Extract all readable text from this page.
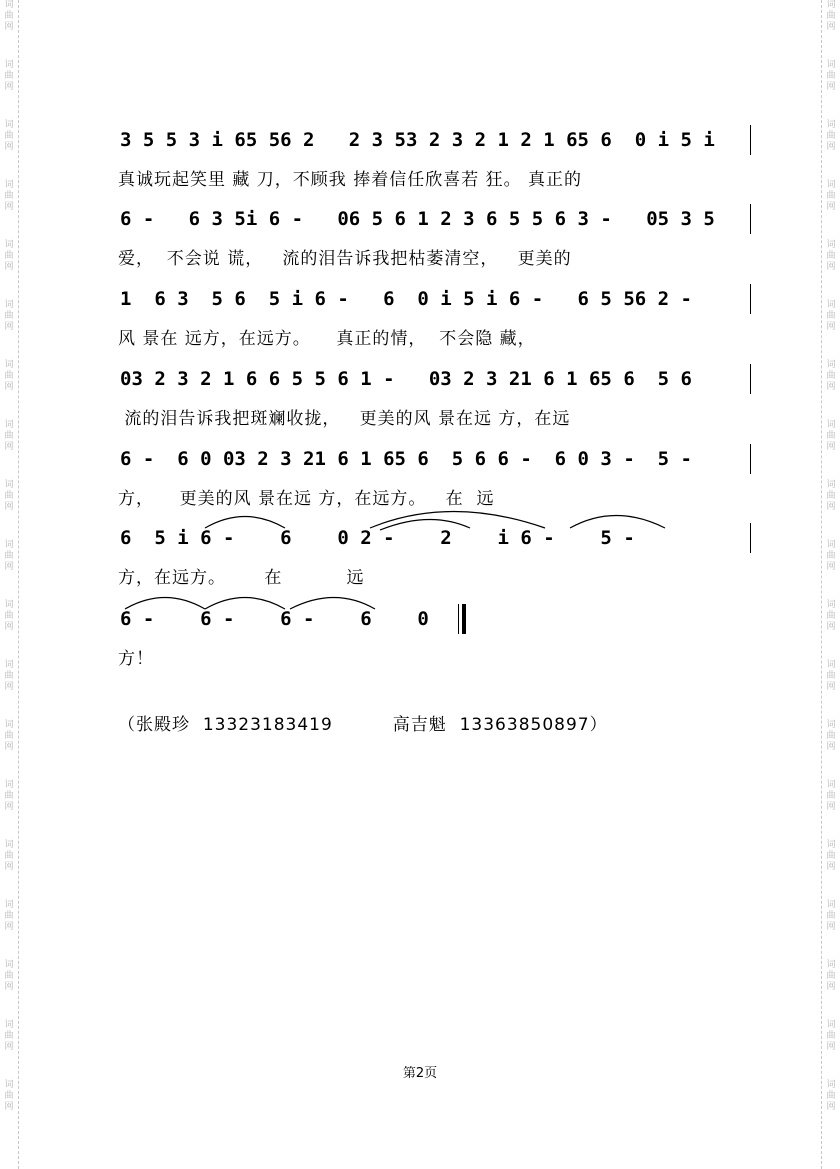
词
曲
网
词
曲
网
词
曲
网
词
曲
网
词
曲
网
词
曲
网
词
曲
网
词
曲
网
词
曲
网
词
曲
网
词
曲
网
词
曲
网
词
曲
网
词
曲
网
词
曲
网
词
曲
网
词
曲
网
词
曲
网
词
曲
网
词
曲
网
词
曲
网
词
曲
网
词
曲
网
词
曲
网
词
曲
网
词
曲
网
词
曲
网
词
曲
网
词
曲
网
词
曲
网
词
曲
网
词
曲
网
词
曲
网
词
曲
网
词
曲
网
词
曲
网
词
曲
网
词
曲
网
3 5 5 3 i 65 56 2   2 3 53 2 3 2 1 2 1 65 6  0 i 5 i
真诚玩起笑里 藏 刀，不顾我 捧着信任欣喜若 狂。 真正的
6 -   6 3 5i 6 -   06 5 6 1 2 3 6 5 5 6 3 -   05 3 5
爱，  不会说 谎，   流的泪告诉我把枯萎清空，   更美的
1  6 3  5 6  5 i 6 -   6  0 i 5 i 6 -   6 5 56 2 -
风 景在 远方，在远方。    真正的情，  不会隐 藏，
03 2 3 2 1 6 6 5 5 6 1 -   03 2 3 21 6 1 65 6  5 6
流的泪告诉我把斑斓收拢，   更美的风 景在远 方，在远
6 -  6 0 03 2 3 21 6 1 65 6  5 6 6 -  6 0 3 -  5 -
方，    更美的风 景在远 方，在远方。   在  远
6  5 i 6 -    6    0 2 -    2    i 6 -    5 -
方，在远方。      在          远
6 -    6 -    6 -    6    0
方！
（张殿珍 13323183419	高吉魁 13363850897）
第2页
